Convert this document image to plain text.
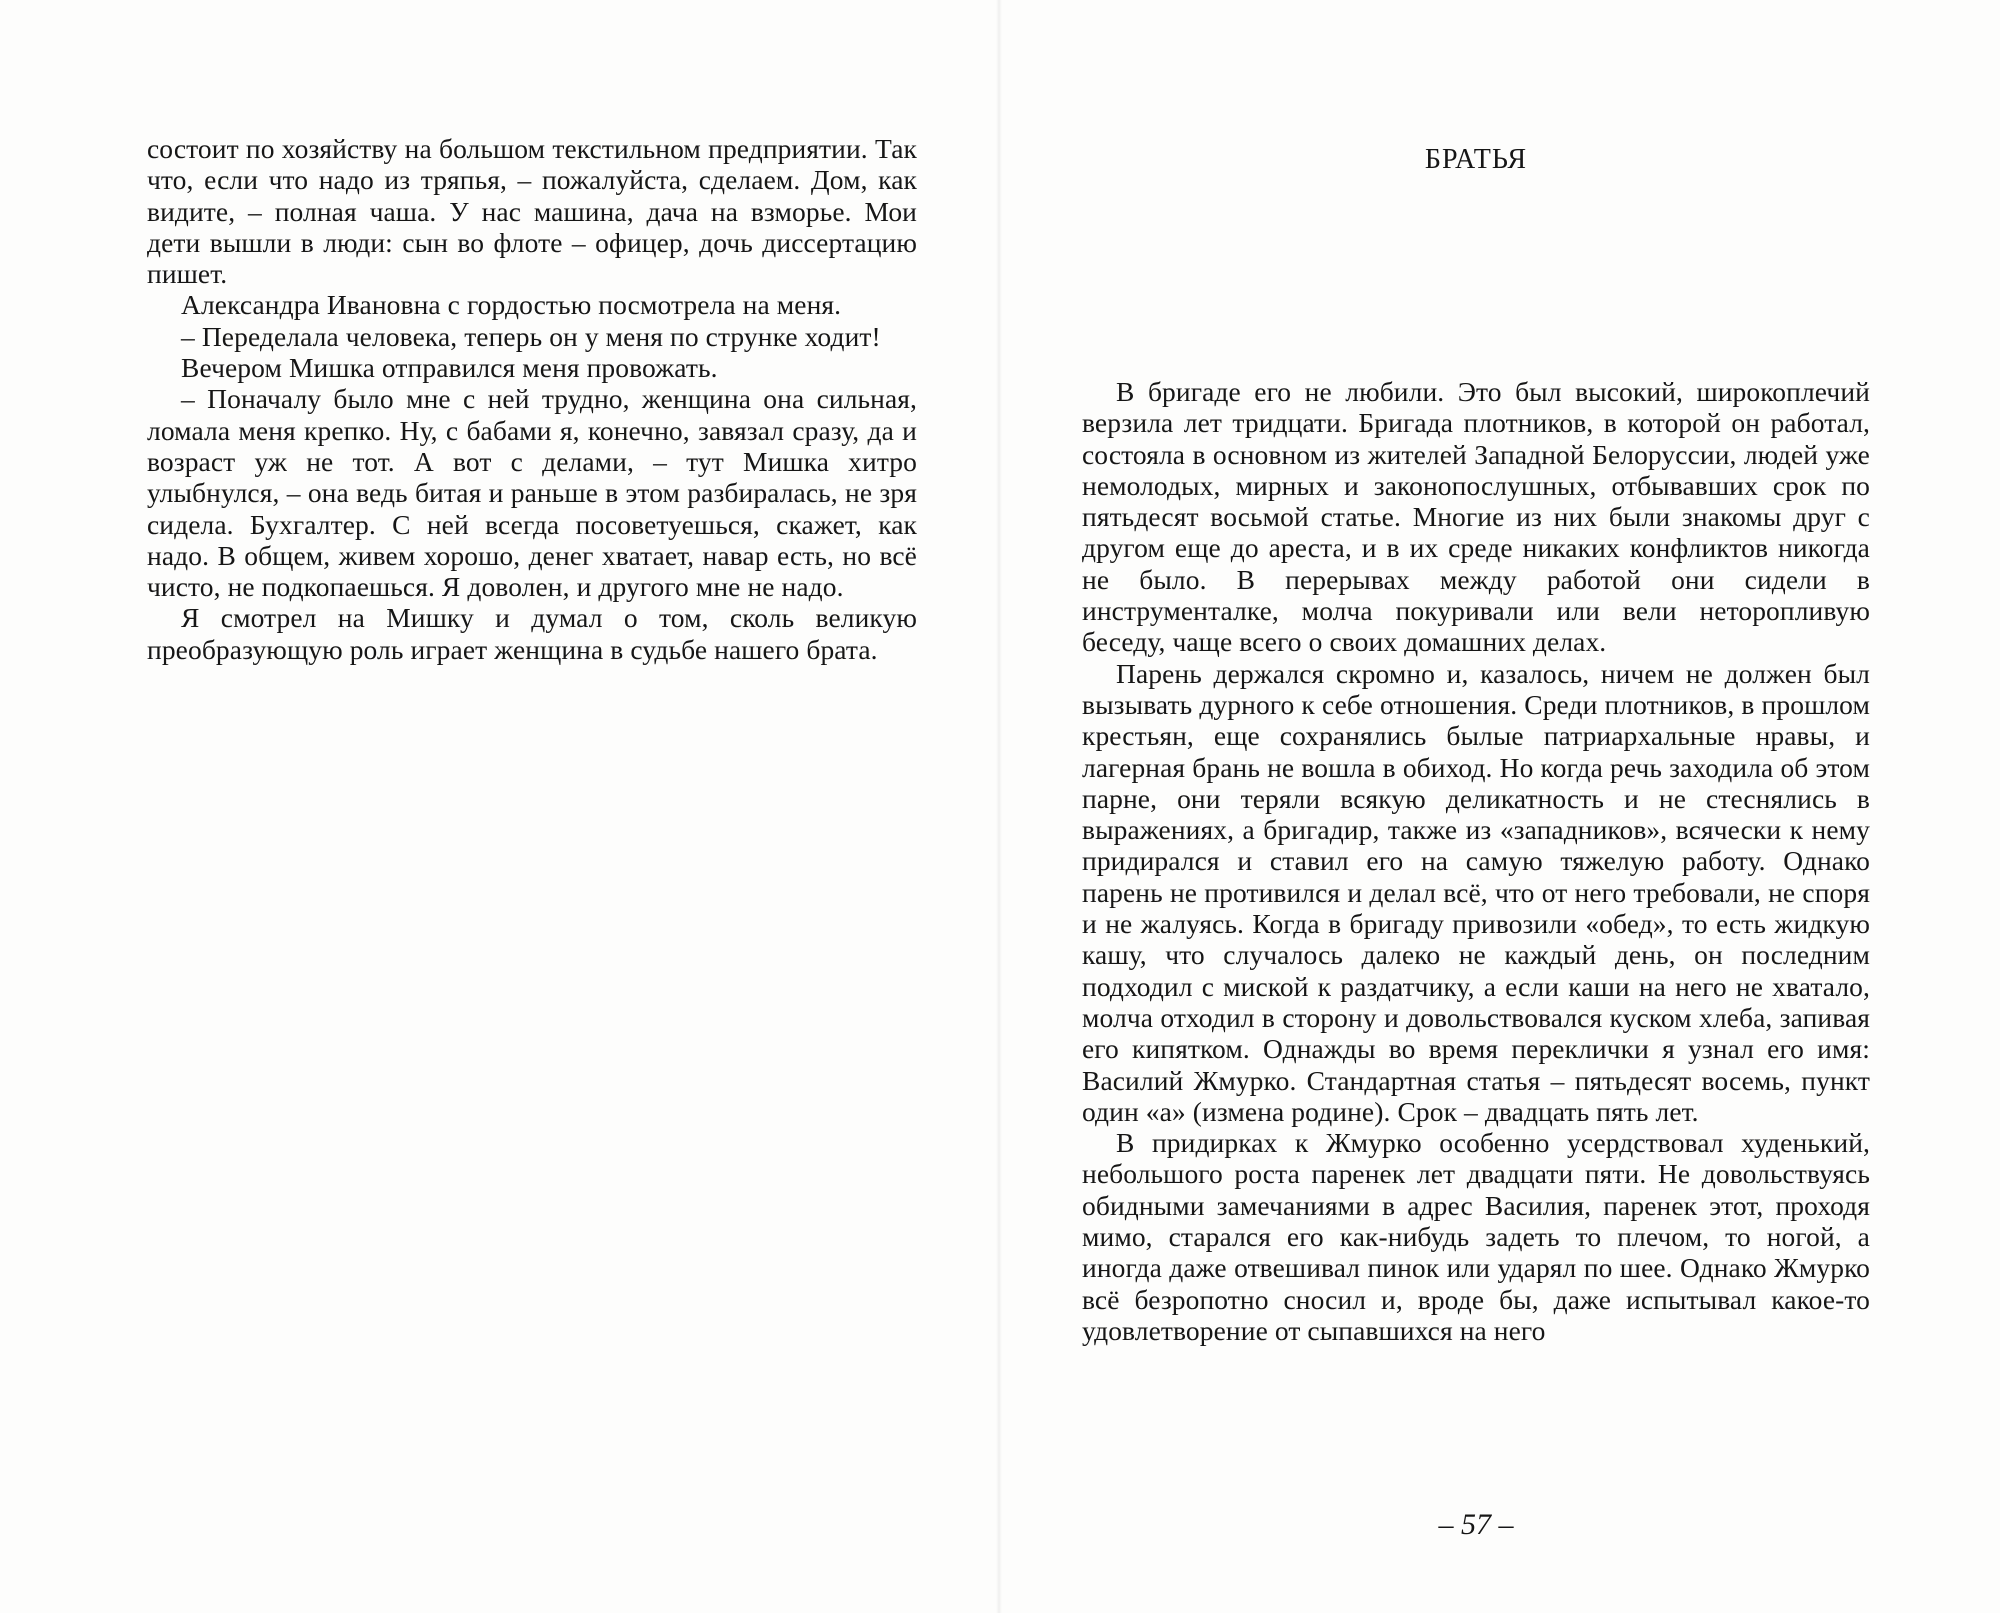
состоит по хозяйству на большом текстильном предприятии. Так что, если что надо из тряпья, – пожалуйста, сделаем. Дом, как видите, – полная чаша. У нас машина, дача на взморье. Мои дети вышли в люди: сын во флоте – офицер, дочь диссертацию пишет.

Александра Ивановна с гордостью посмотрела на меня.

– Переделала человека, теперь он у меня по струнке ходит!

Вечером Мишка отправился меня провожать.

– Поначалу было мне с ней трудно, женщина она сильная, ломала меня крепко. Ну, с бабами я, конечно, завязал сразу, да и возраст уж не тот. А вот с делами, – тут Мишка хитро улыбнулся, – она ведь битая и раньше в этом разбиралась, не зря сидела. Бухгалтер. С ней всегда посоветуешься, скажет, как надо. В общем, живем хорошо, денег хватает, навар есть, но всё чисто, не подкопаешься. Я доволен, и другого мне не надо.

Я смотрел на Мишку и думал о том, сколь великую преобразующую роль играет женщина в судьбе нашего брата.

БРАТЬЯ

В бригаде его не любили. Это был высокий, широкоплечий верзила лет тридцати. Бригада плотников, в которой он работал, состояла в основном из жителей Западной Белоруссии, людей уже немолодых, мирных и законопослушных, отбывавших срок по пятьдесят восьмой статье. Многие из них были знакомы друг с другом еще до ареста, и в их среде никаких конфликтов никогда не было. В перерывах между работой они сидели в инструменталке, молча покуривали или вели неторопливую беседу, чаще всего о своих домашних делах.

Парень держался скромно и, казалось, ничем не должен был вызывать дурного к себе отношения. Среди плотников, в прошлом крестьян, еще сохранялись былые патриархальные нравы, и лагерная брань не вошла в обиход. Но когда речь заходила об этом парне, они теряли всякую деликатность и не стеснялись в выражениях, а бригадир, также из «западников», всячески к нему придирался и ставил его на самую тяжелую работу. Однако парень не противился и делал всё, что от него требовали, не споря и не жалуясь. Когда в бригаду привозили «обед», то есть жидкую кашу, что случалось далеко не каждый день, он последним подходил с миской к раздатчику, а если каши на него не хватало, молча отходил в сторону и довольствовался куском хлеба, запивая его кипятком. Однажды во время переклички я узнал его имя: Василий Жмурко. Стандартная статья – пятьдесят восемь, пункт один «а» (измена родине). Срок – двадцать пять лет.

В придирках к Жмурко особенно усердствовал худенький, небольшого роста паренек лет двадцати пяти. Не довольствуясь обидными замечаниями в адрес Василия, паренек этот, проходя мимо, старался его как-нибудь задеть то плечом, то ногой, а иногда даже отвешивал пинок или ударял по шее. Однако Жмурко всё безропотно сносил и, вроде бы, даже испытывал какое-то удовлетворение от сыпавшихся на него

– 57 –
